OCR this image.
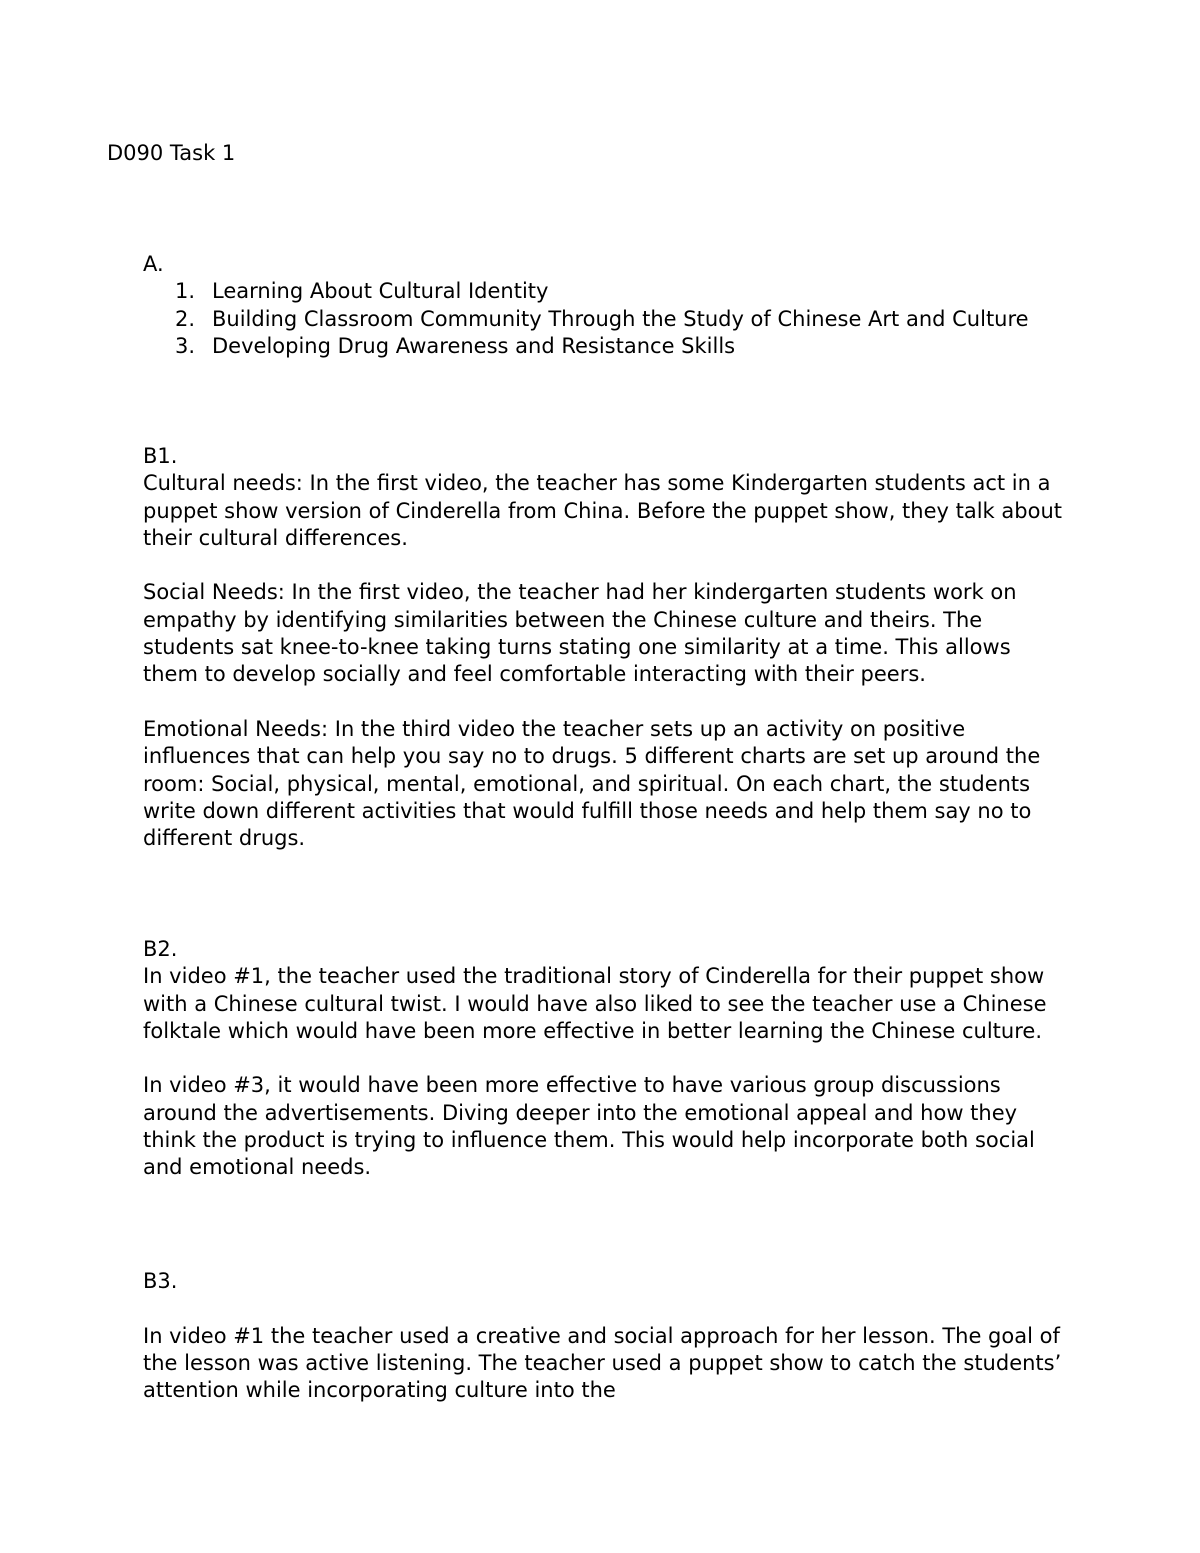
D090 Task 1

A.

1. Learning About Cultural Identity
2. Building Classroom Community Through the Study of Chinese Art and Culture
3. Developing Drug Awareness and Resistance Skills

B1.

Cultural needs: In the first video, the teacher has some Kindergarten students act in a puppet show version of Cinderella from China. Before the puppet show, they talk about their cultural differences.

Social Needs: In the first video, the teacher had her kindergarten students work on empathy by identifying similarities between the Chinese culture and theirs. The students sat knee-to-knee taking turns stating one similarity at a time. This allows them to develop socially and feel comfortable interacting with their peers.

Emotional Needs: In the third video the teacher sets up an activity on positive influences that can help you say no to drugs. 5 different charts are set up around the room: Social, physical, mental, emotional, and spiritual. On each chart, the students write down different activities that would fulfill those needs and help them say no to different drugs.

B2.

In video #1, the teacher used the traditional story of Cinderella for their puppet show with a Chinese cultural twist. I would have also liked to see the teacher use a Chinese folktale which would have been more effective in better learning the Chinese culture.

In video #3, it would have been more effective to have various group discussions around the advertisements. Diving deeper into the emotional appeal and how they think the product is trying to influence them. This would help incorporate both social and emotional needs.

B3.

In video #1 the teacher used a creative and social approach for her lesson. The goal of the lesson was active listening. The teacher used a puppet show to catch the students’ attention while incorporating culture into the
